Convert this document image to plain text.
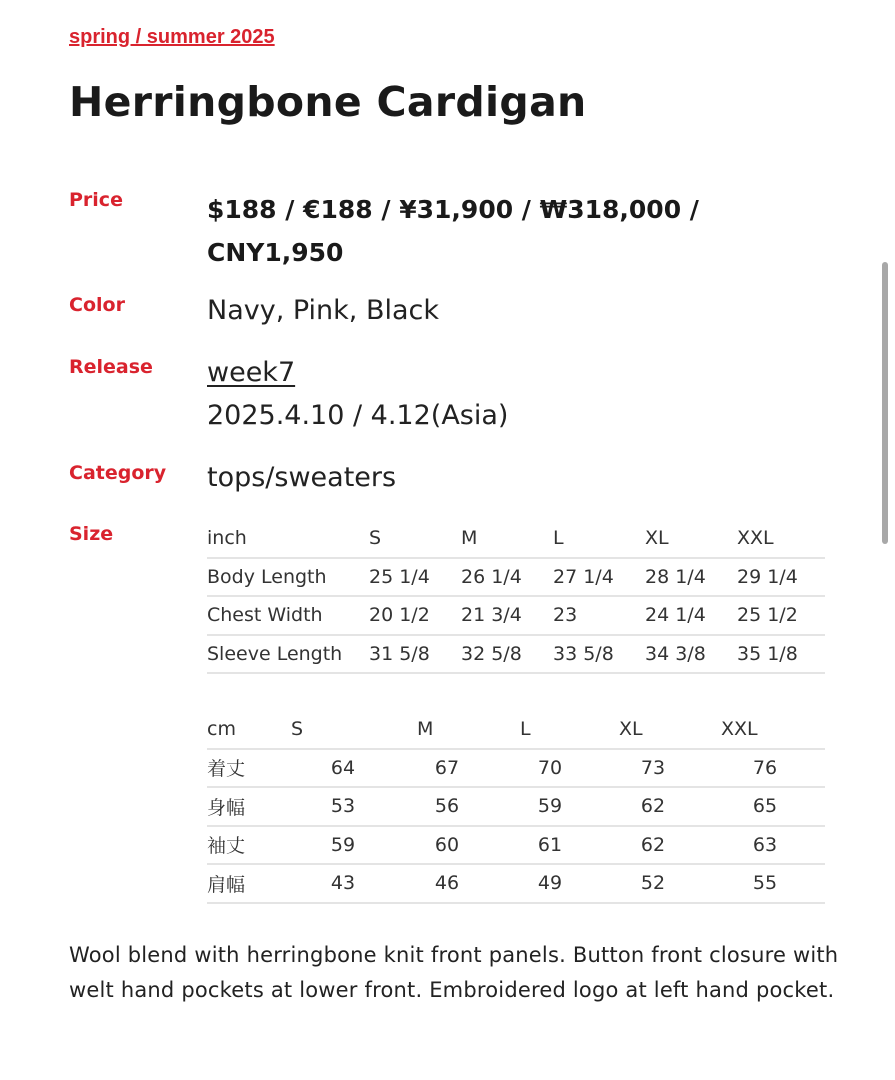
spring / summer 2025
Herringbone Cardigan
Price	$188 / €188 / ¥31,900 / ₩318,000 / CNY1,950
Color	Navy, Pink, Black
Release week7
2025.4.10 / 4.12(Asia)
Category tops/sweaters
Size	inch	S	M	L	XL	XXL
Body Length	25 1/4	26 1/4	27 1/4	28 1/4	29 1/4
Chest Width	20 1/2	21 3/4	23	24 1/4	25 1/2
Sleeve Length	31 5/8	32 5/8	33 5/8	34 3/8	35 1/8
cm	S	M	L	XL	XXL
着丈	64	67	70	73	76
身幅	53	56	59	62	65
袖丈	59	60	61	62	63
肩幅	43	46	49	52	55

Wool blend with herringbone knit front panels. Button front closure with welt hand pockets at lower front. Embroidered logo at left hand pocket.
